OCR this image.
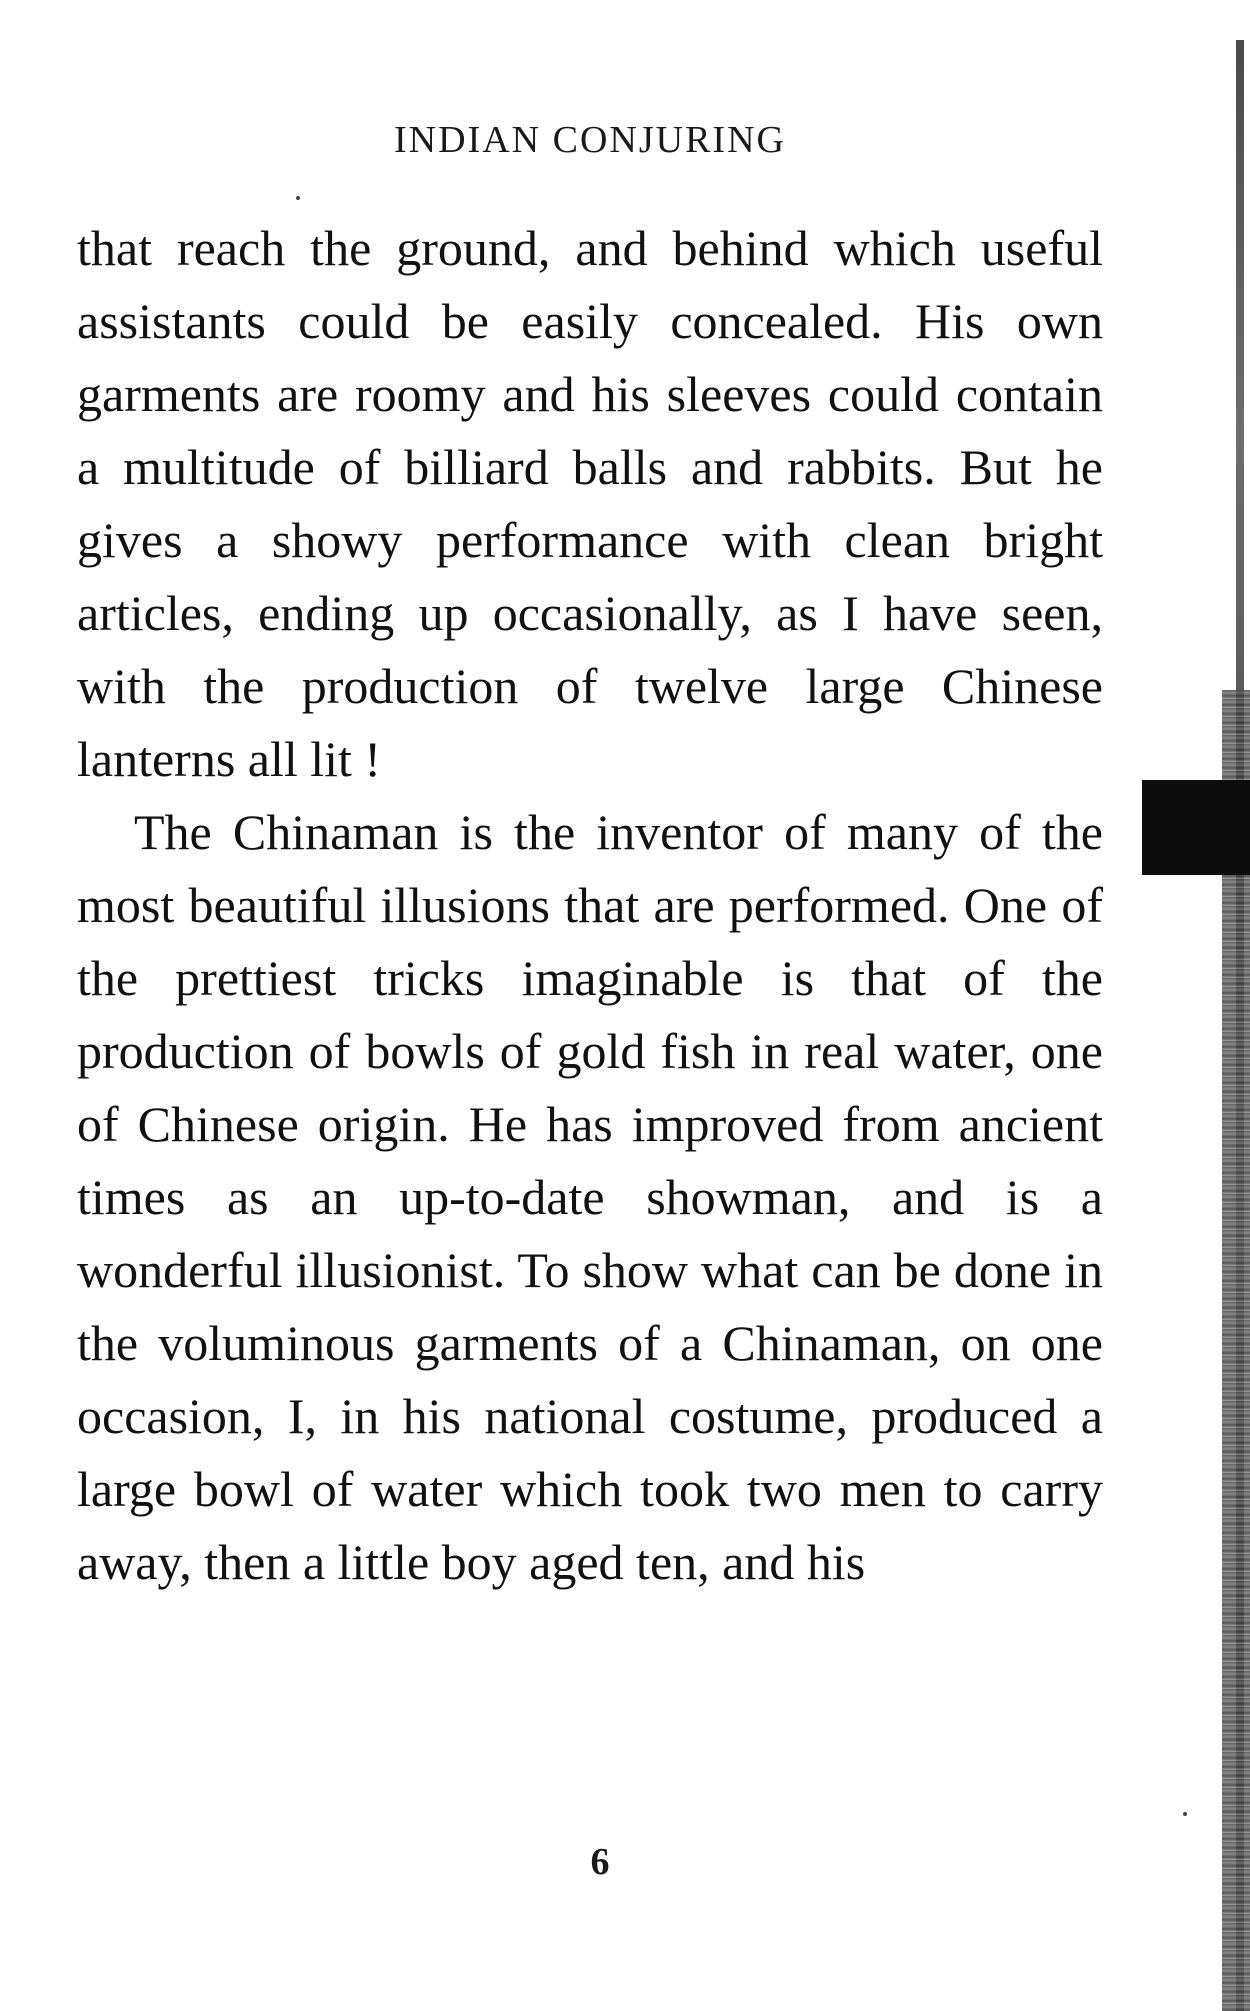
INDIAN CONJURING

that reach the ground, and behind which useful assistants could be easily concealed. His own garments are roomy and his sleeves could contain a multitude of billiard balls and rabbits. But he gives a showy performance with clean bright articles, ending up occasionally, as I have seen, with the production of twelve large Chinese lanterns all lit !

The Chinaman is the inventor of many of the most beautiful illusions that are performed. One of the prettiest tricks imaginable is that of the production of bowls of gold fish in real water, one of Chinese origin. He has improved from ancient times as an up-to-date showman, and is a wonderful illusionist. To show what can be done in the voluminous garments of a Chinaman, on one occasion, I, in his national costume, produced a large bowl of water which took two men to carry away, then a little boy aged ten, and his

6
